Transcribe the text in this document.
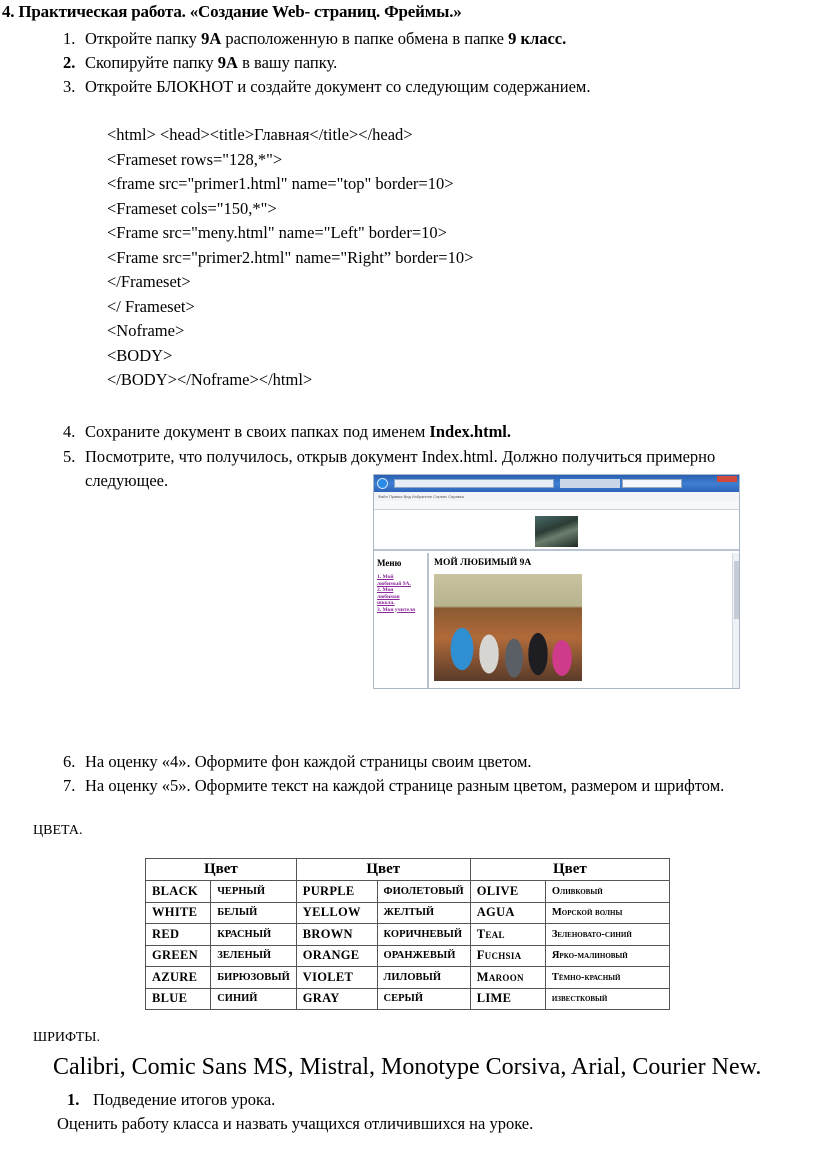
4. Практическая работа. «Создание Web- страниц. Фреймы.»
1. Откройте папку 9А расположенную в папке обмена в папке 9 класс.
2. Скопируйте папку 9А в вашу папку.
3. Откройте БЛОКНОТ и создайте документ со следующим содержанием.
<html> <head><title>Главная</title></head>
<Frameset rows="128,*">
<frame src="primer1.html" name="top" border=10>
<Frameset cols="150,*">
<Frame src="meny.html" name="Left" border=10>
<Frame src="primer2.html" name="Right” border=10>
</Frameset>
</ Frameset>
<Noframe>
<BODY>
</BODY></Noframe></html>
4. Сохраните документ в своих папках под именем Index.html.
5. Посмотрите, что получилось, открыв документ Index.html. Должно получиться примерно
следующее.
Файл Правка Вид Избранное Сервис Справка
Меню
1. Мой
любимый 9А.
2. Моя
любимая
школа.
3. Мои учителя
МОЙ ЛЮБИМЫЙ 9А
6. На оценку «4». Оформите фон каждой страницы своим цветом.
7. На оценку «5». Оформите текст на каждой странице разным цветом, размером и шрифтом.
ЦВЕТА.
Цвет		Цвет		Цвет	
BLACK	ЧЕРНЫЙ	PURPLE	ФИОЛЕТОВЫЙ	OLIVE	Оливковый
WHITE	БЕЛЫЙ	YELLOW	ЖЕЛТЫЙ	AGUA	Морской волны
RED	КРАСНЫЙ	BROWN	КОРИЧНЕВЫЙ	Teal	Зеленовато-синий
GREEN	ЗЕЛЕНЫЙ	ORANGE	ОРАНЖЕВЫЙ	Fuchsia	Ярко-малиновый
AZURE	БИРЮЗОВЫЙ	VIOLET	ЛИЛОВЫЙ	Maroon	Тёмно-красный
BLUE	СИНИЙ	GRAY	СЕРЫЙ	LIME	известковый
ШРИФТЫ.
Calibri, Comic Sans MS, Mistral, Monotype Corsiva, Arial, Courier New.
1. Подведение итогов урока.
Оценить работу класса и назвать учащихся отличившихся на уроке.
